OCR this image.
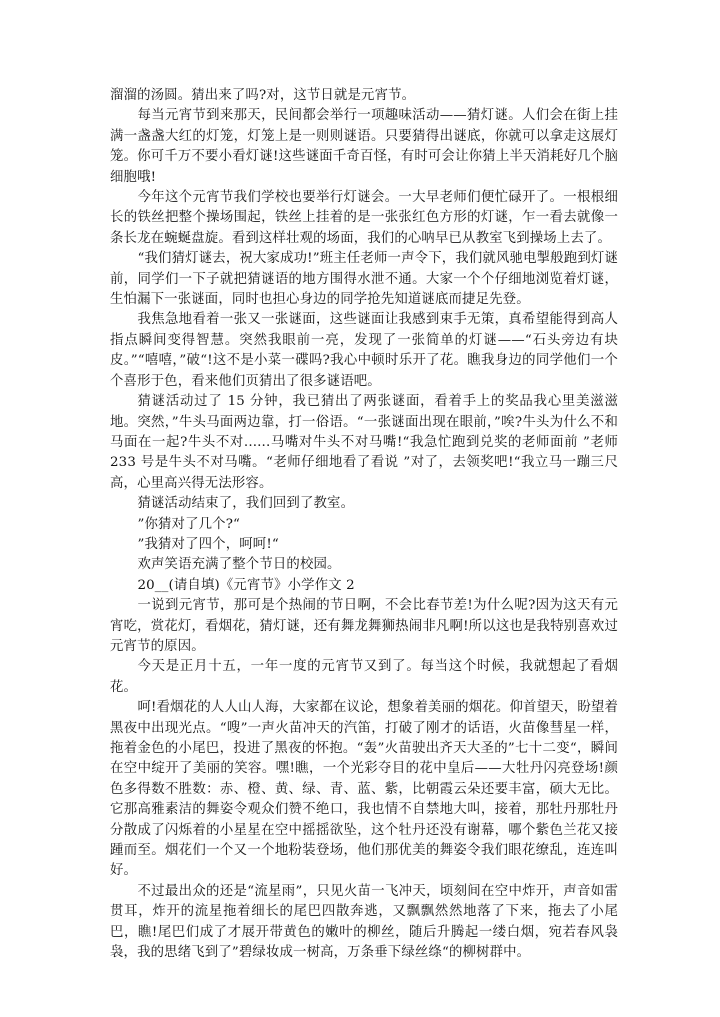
溜溜的汤圆。猜出来了吗?对，这节日就是元宵节。

每当元宵节到来那天，民间都会举行一项趣味活动——猜灯谜。人们会在街上挂满一盏盏大红的灯笼，灯笼上是一则则谜语。只要猜得出谜底，你就可以拿走这展灯笼。你可千万不要小看灯谜!这些谜面千奇百怪，有时可会让你猜上半天消耗好几个脑细胞哦!

今年这个元宵节我们学校也要举行灯谜会。一大早老师们便忙碌开了。一根根细长的铁丝把整个操场围起，铁丝上挂着的是一张张红色方形的灯谜，乍一看去就像一条长龙在蜿蜒盘旋。看到这样壮观的场面，我们的心呐早已从教室飞到操场上去了。

“我们猜灯谜去，祝大家成功!”班主任老师一声令下，我们就风驰电掣般跑到灯谜前，同学们一下子就把猜谜语的地方围得水泄不通。大家一个个仔细地浏览着灯谜，生怕漏下一张谜面，同时也担心身边的同学抢先知道谜底而捷足先登。

我焦急地看着一张又一张谜面，这些谜面让我感到束手无策，真希望能得到高人指点瞬间变得智慧。突然我眼前一亮，发现了一张简单的灯谜——“石头旁边有块皮。”“嘻嘻，”破“!这不是小菜一碟吗?我心中顿时乐开了花。瞧我身边的同学他们一个个喜形于色，看来他们页猜出了很多谜语吧。

猜谜活动过了 15 分钟，我已猜出了两张谜面，看着手上的奖品我心里美滋滋地。突然，”牛头马面两边靠，打一俗语。“一张谜面出现在眼前，”唉?牛头为什么不和马面在一起?牛头不对......马嘴对牛头不对马嘴!“我急忙跑到兑奖的老师面前 ”老师 233 号是牛头不对马嘴。“老师仔细地看了看说 ”对了，去领奖吧!“我立马一蹦三尺高，心里高兴得无法形容。

猜谜活动结束了，我们回到了教室。

”你猜对了几个?“

”我猜对了四个，呵呵!“

欢声笑语充满了整个节日的校园。

20__(请自填)《元宵节》小学作文 2

一说到元宵节，那可是个热闹的节日啊，不会比春节差!为什么呢?因为这天有元宵吃，赏花灯，看烟花，猜灯谜，还有舞龙舞狮热闹非凡啊!所以这也是我特别喜欢过元宵节的原因。

今天是正月十五，一年一度的元宵节又到了。每当这个时候，我就想起了看烟花。

呵!看烟花的人人山人海，大家都在议论，想象着美丽的烟花。仰首望天，盼望着黑夜中出现光点。“嗖”一声火苗冲天的汽笛，打破了刚才的话语，火苗像彗星一样，拖着金色的小尾巴，投进了黑夜的怀抱。“轰”火苗驶出齐天大圣的”七十二变“，瞬间在空中绽开了美丽的笑容。嘿!瞧，一个光彩夺目的花中皇后——大牡丹闪亮登场!颜色多得数不胜数：赤、橙、黄、绿、青、蓝、紫，比朝霞云朵还要丰富，硕大无比。它那高雅素洁的舞姿令观众们赞不绝口，我也情不自禁地大叫，接着，那牡丹那牡丹分散成了闪烁着的小星星在空中摇摇欲坠，这个牡丹还没有谢幕，哪个紫色兰花又接踵而至。烟花们一个又一个地粉装登场，他们那优美的舞姿令我们眼花缭乱，连连叫好。

不过最出众的还是“流星雨”，只见火苗一飞冲天，顷刻间在空中炸开，声音如雷贯耳，炸开的流星拖着细长的尾巴四散奔逃，又飘飘然然地落了下来，拖去了小尾巴，瞧!尾巴们成了才展开带黄色的嫩叶的柳丝，随后升腾起一缕白烟，宛若春风袅袅，我的思绪飞到了”碧绿妆成一树高，万条垂下绿丝绦“的柳树群中。
